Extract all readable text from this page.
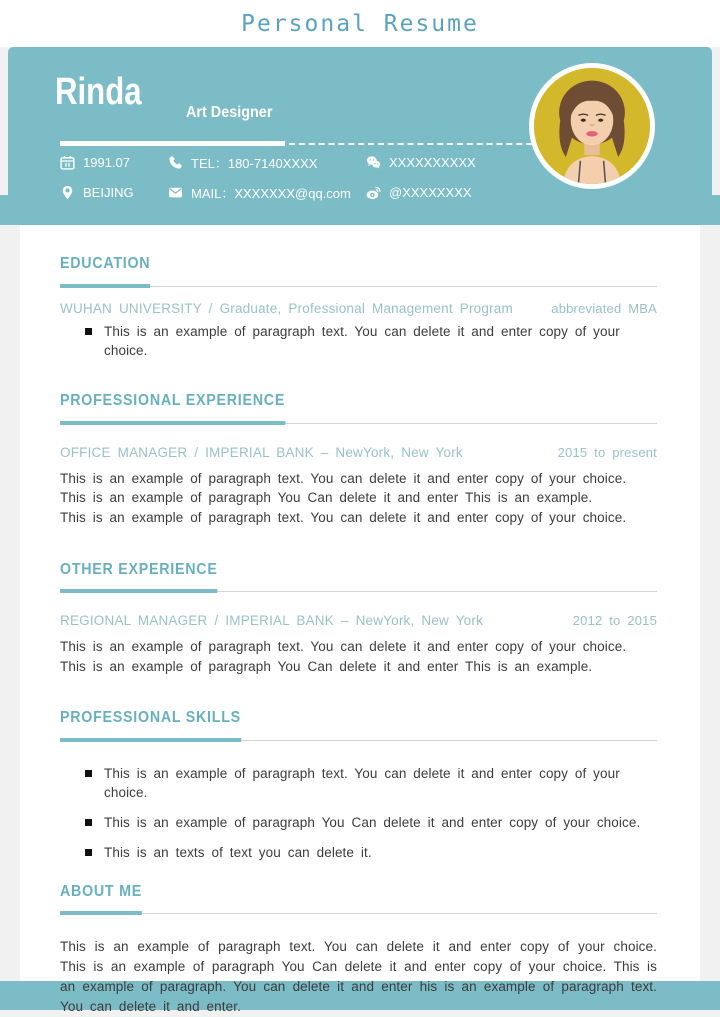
Personal Resume
Rinda	Art Designer
1991.07	TEL：180-7140XXXX	XXXXXXXXXX
BEIJING	MAIL：XXXXXXX@qq.com	@XXXXXXXX
EDUCATION
WUHAN UNIVERSITY / Graduate, Professional Management Program	abbreviated MBA
This is an example of paragraph text. You can delete it and enter copy of your choice.
PROFESSIONAL EXPERIENCE
OFFICE MANAGER / IMPERIAL BANK – NewYork, New York	2015 to present
This is an example of paragraph text. You can delete it and enter copy of your choice.
This is an example of paragraph You Can delete it and enter This is an example.
This is an example of paragraph text. You can delete it and enter copy of your choice.
OTHER EXPERIENCE
REGIONAL MANAGER / IMPERIAL BANK – NewYork, New York	2012 to 2015
This is an example of paragraph text. You can delete it and enter copy of your choice.
This is an example of paragraph You Can delete it and enter This is an example.
PROFESSIONAL SKILLS
This is an example of paragraph text. You can delete it and enter copy of your choice.
This is an example of paragraph You Can delete it and enter copy of your choice.
This is an texts of text you can delete it.
ABOUT ME
This is an example of paragraph text. You can delete it and enter copy of your choice. This is an example of paragraph You Can delete it and enter copy of your choice. This is an example of paragraph. You can delete it and enter his is an example of paragraph text. You can delete it and enter.
